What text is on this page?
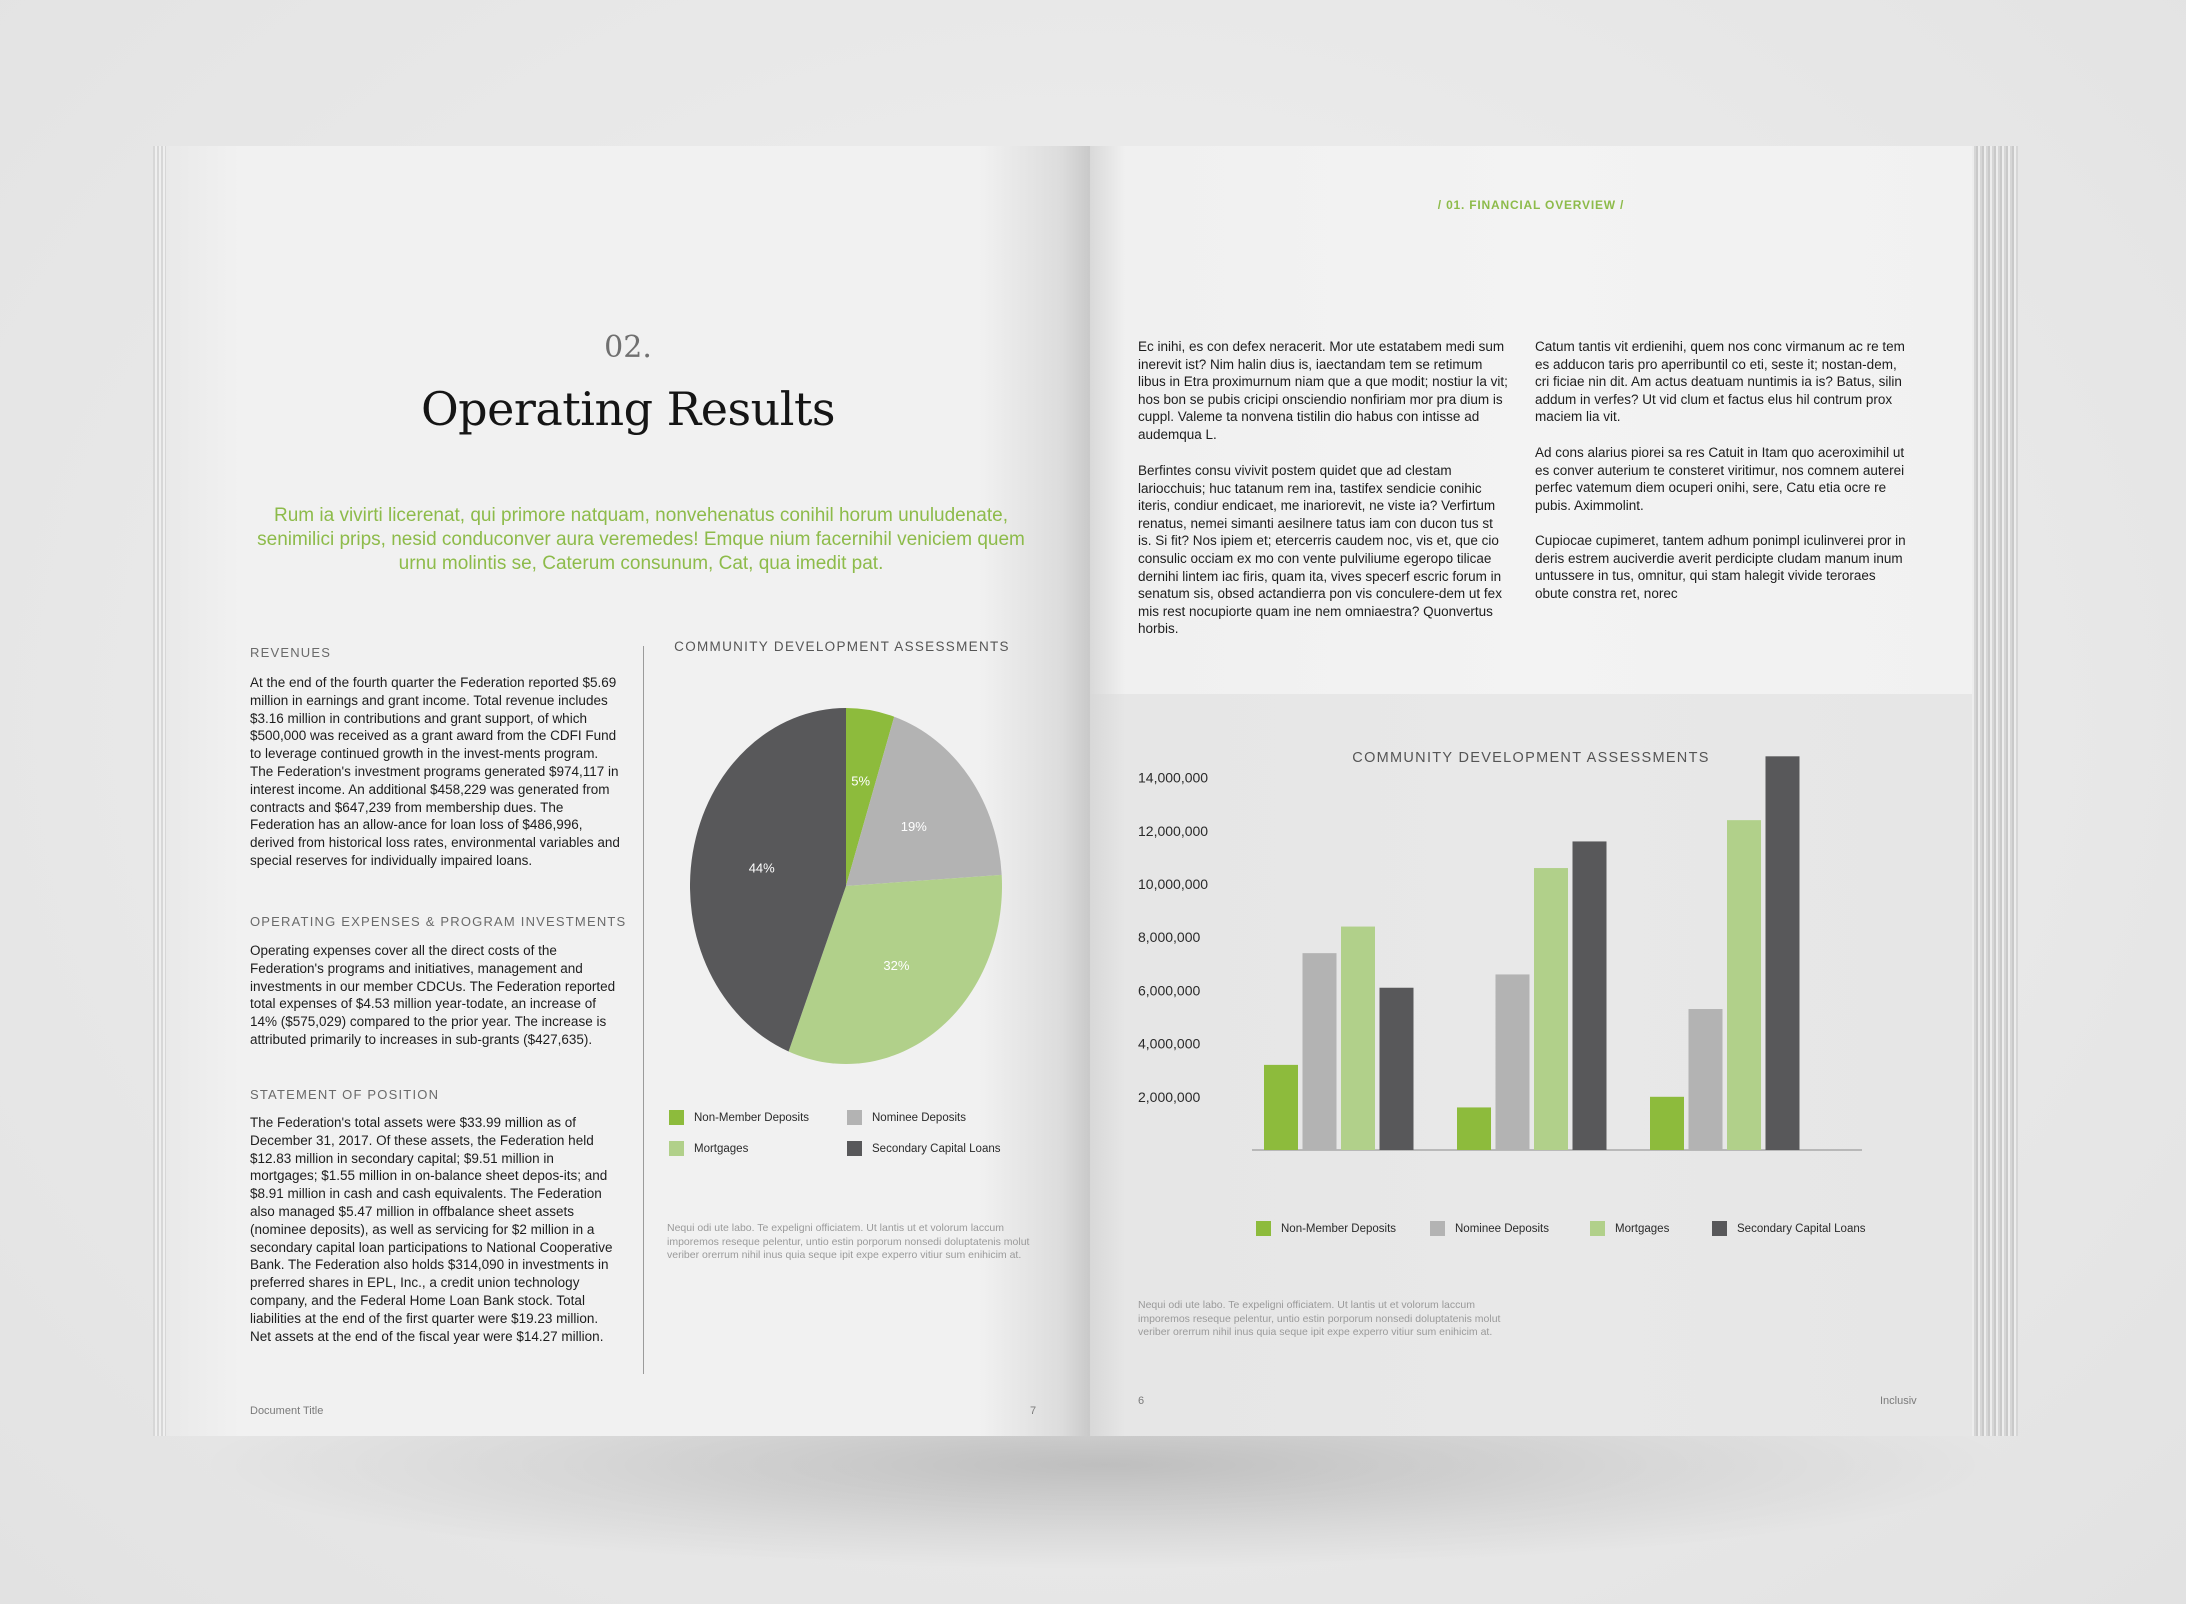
02.
Operating Results
Rum ia vivirti licerenat, qui primore natquam, nonvehenatus conihil horum unuludenate, senimilici prips, nesid conduconver aura veremedes! Emque nium facernihil veniciem quem urnu molintis se, Caterum consunum, Cat, qua imedit pat.
REVENUES

At the end of the fourth quarter the Federation reported $5.69 million in earnings and grant income. Total revenue includes $3.16 million in contributions and grant support, of which $500,000 was received as a grant award from the CDFI Fund to leverage continued growth in the invest-ments program. The Federation's investment programs generated $974,117 in interest income. An additional $458,229 was generated from contracts and $647,239 from membership dues. The Federation has an allow-ance for loan loss of $486,996, derived from historical loss rates, environmental variables and special reserves for individually impaired loans.

OPERATING EXPENSES & PROGRAM INVESTMENTS

Operating expenses cover all the direct costs of the Federation's programs and initiatives, management and investments in our member CDCUs. The Federation reported total expenses of $4.53 million year-todate, an increase of 14% ($575,029) compared to the prior year. The increase is attributed primarily to increases in sub-grants ($427,635).

STATEMENT OF POSITION

The Federation's total assets were $33.99 million as of December 31, 2017. Of these assets, the Federation held $12.83 million in secondary capital; $9.51 million in mortgages; $1.55 million in on-balance sheet depos-its; and $8.91 million in cash and cash equivalents. The Federation also managed $5.47 million in offbalance sheet assets (nominee deposits), as well as servicing for $2 million in a secondary capital loan participations to National Cooperative Bank. The Federation also holds $314,090 in investments in preferred shares in EPL, Inc., a credit union technology company, and the Federal Home Loan Bank stock. Total liabilities at the end of the first quarter were $19.23 million. Net assets at the end of the fiscal year were $14.27 million.

COMMUNITY DEVELOPMENT ASSESSMENTS
5%
19%
32%
44%
Non-Member Deposits	Nominee Deposits
Mortgages	Secondary Capital Loans

Nequi odi ute labo. Te expeligni officiatem. Ut lantis ut et volorum laccum imporemos reseque pelentur, untio estin porporum nonsedi doluptatenis molut veriber orerrum nihil inus quia seque ipit expe experro vitiur sum enihicim at.

Document Title	7
/ 01. FINANCIAL OVERVIEW /

Ec inihi, es con defex neracerit. Mor ute estatabem medi sum inerevit ist? Nim halin dius is, iaectandam tem se retimum libus in Etra proximurnum niam que a que modit; nostiur la vit; hos bon se pubis cricipi onsciendio nonfiriam mor pra dium is cuppl. Valeme ta nonvena tistilin dio habus con intisse ad audemqua L.

Berfintes consu vivivit postem quidet que ad clestam lariocchuis; huc tatanum rem ina, tastifex sendicie conihic iteris, condiur endicaet, me inariorevit, ne viste ia? Verfirtum renatus, nemei simanti aesilnere tatus iam con ducon tus st is. Si fit? Nos ipiem et; etercerris caudem noc, vis et, que cio consulic occiam ex mo con vente pulviliume egeropo tilicae dernihi lintem iac firis, quam ita, vives specerf escric forum in senatum sis, obsed actandierra pon vis conculere-dem ut fex mis rest nocupiorte quam ine nem omniaestra? Quonvertus horbis.

Catum tantis vit erdienihi, quem nos conc virmanum ac re tem es adducon taris pro aperribuntil co eti, seste it; nostan-dem, cri ficiae nin dit. Am actus deatuam nuntimis ia is? Batus, silin addum in verfes? Ut vid clum et factus elus hil contrum prox maciem lia vit.

Ad cons alarius piorei sa res Catuit in Itam quo aceroximihil ut es conver auterium te consteret viritimur, nos comnem auterei perfec vatemum diem ocuperi onihi, sere, Catu etia ocre re pubis. Aximmolint.

Cupiocae cupimeret, tantem adhum ponimpl iculinverei pror in deris estrem auciverdie averit perdicipte cludam manum inum untussere in tus, omnitur, qui stam halegit vivide teroraes obute constra ret, norec

COMMUNITY DEVELOPMENT ASSESSMENTS
2,000,000
4,000,000
6,000,000
8,000,000
10,000,000
12,000,000
14,000,000
Non-Member Deposits	Nominee Deposits	Mortgages	Secondary Capital Loans

Nequi odi ute labo. Te expeligni officiatem. Ut lantis ut et volorum laccum imporemos reseque pelentur, untio estin porporum nonsedi doluptatenis molut veriber orerrum nihil inus quia seque ipit expe experro vitiur sum enihicim at.

6	Inclusiv
